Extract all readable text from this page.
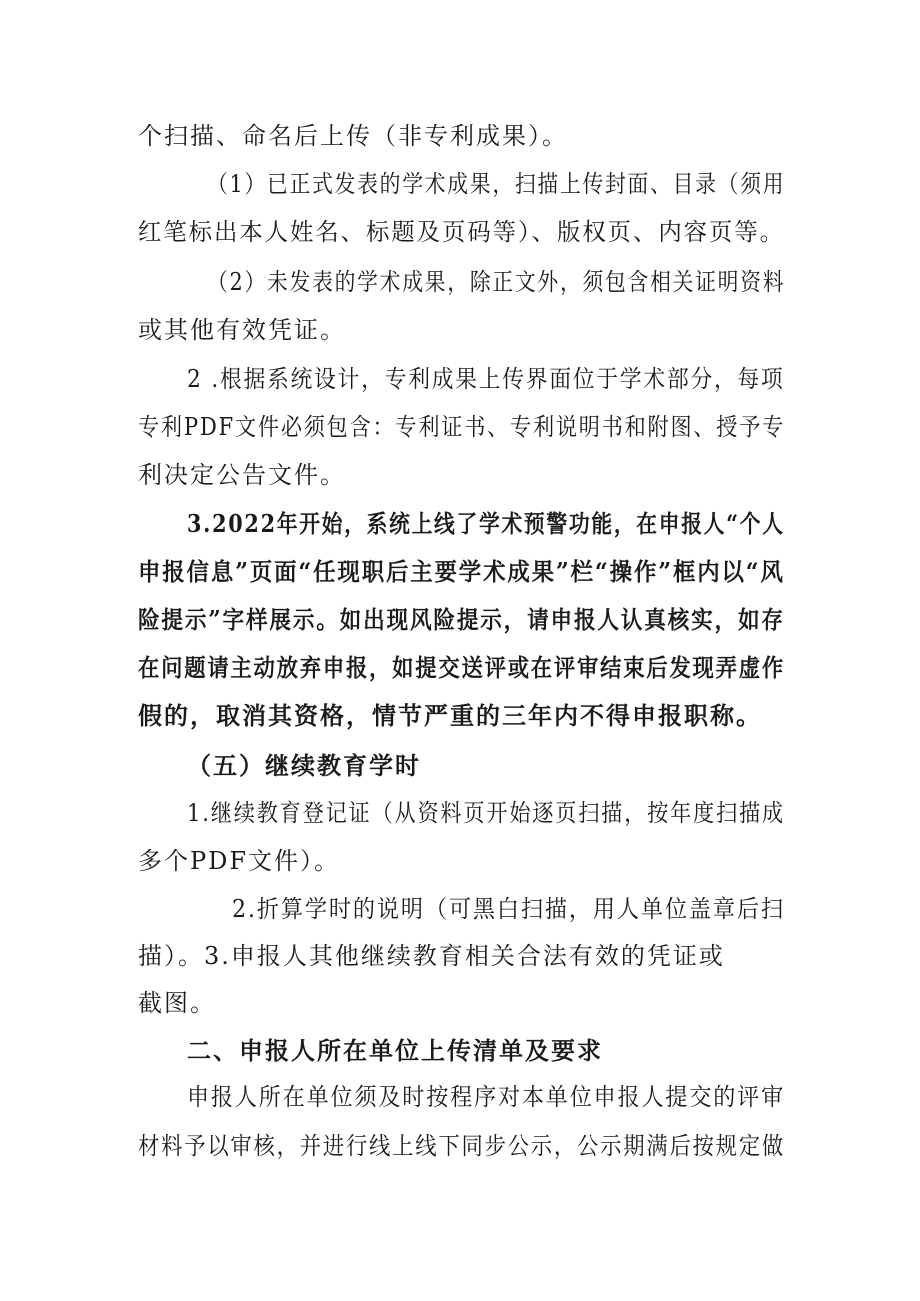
个扫描、命名后上传（非专利成果）。
（1）已正式发表的学术成果，扫描上传封面、目录（须用
红笔标出本人姓名、标题及页码等）、版权页、内容页等。
（2）未发表的学术成果，除正文外，须包含相关证明资料
或其他有效凭证。
2 .根据系统设计，专利成果上传界面位于学术部分，每项
专利PDF文件必须包含：专利证书、专利说明书和附图、授予专
利决定公告文件。
3.2022年开始，系统上线了学术预警功能，在申报人“个人
申报信息”页面“任现职后主要学术成果”栏“操作”框内以“风
险提示”字样展示。如出现风险提示，请申报人认真核实，如存
在问题请主动放弃申报，如提交送评或在评审结束后发现弄虚作
假的，取消其资格，情节严重的三年内不得申报职称。
（五）继续教育学时
1.继续教育登记证（从资料页开始逐页扫描，按年度扫描成
多个PDF文件）。
2.折算学时的说明（可黑白扫描，用人单位盖章后扫
描）。3.申报人其他继续教育相关合法有效的凭证或
截图。
二、申报人所在单位上传清单及要求
申报人所在单位须及时按程序对本单位申报人提交的评审
材料予以审核，并进行线上线下同步公示，公示期满后按规定做
